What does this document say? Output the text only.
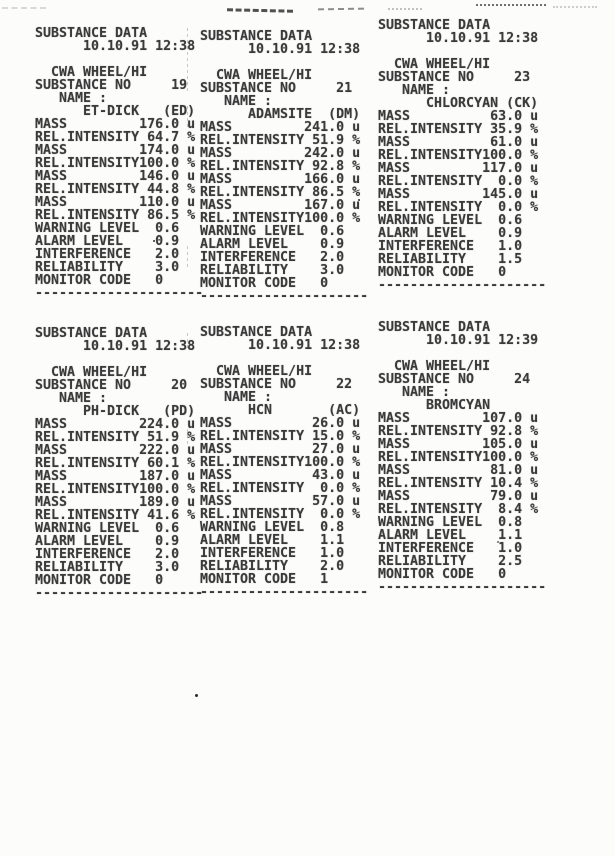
SUBSTANCE DATA
10.10.91 12:38

CWA WHEEL/HI
SUBSTANCE NO     19
NAME :
ET-DICK   (ED)
MASS         176.0 u
REL.INTENSITY 64.7 %
MASS         174.0 u
REL.INTENSITY100.0 %
MASS         146.0 u
REL.INTENSITY 44.8 %
MASS         110.0 u
REL.INTENSITY 86.5 %
WARNING LEVEL  0.6
ALARM LEVEL    0.9
INTERFERENCE   2.0
RELIABILITY    3.0
MONITOR CODE   0
---------------------
SUBSTANCE DATA
10.10.91 12:38

CWA WHEEL/HI
SUBSTANCE NO     21
NAME :
ADAMSITE  (DM)
MASS         241.0 u
REL.INTENSITY 51.9 %
MASS         242.0 u
REL.INTENSITY 92.8 %
MASS         166.0 u
REL.INTENSITY 86.5 %
MASS         167.0 u
REL.INTENSITY100.0 %
WARNING LEVEL  0.6
ALARM LEVEL    0.9
INTERFERENCE   2.0
RELIABILITY    3.0
MONITOR CODE   0
---------------------
SUBSTANCE DATA
10.10.91 12:38

CWA WHEEL/HI
SUBSTANCE NO     23
NAME :
CHLORCYAN (CK)
MASS          63.0 u
REL.INTENSITY 35.9 %
MASS          61.0 u
REL.INTENSITY100.0 %
MASS         117.0 u
REL.INTENSITY  0.0 %
MASS         145.0 u
REL.INTENSITY  0.0 %
WARNING LEVEL  0.6
ALARM LEVEL    0.9
INTERFERENCE   1.0
RELIABILITY    1.5
MONITOR CODE   0
---------------------
SUBSTANCE DATA
10.10.91 12:38

CWA WHEEL/HI
SUBSTANCE NO     20
NAME :
PH-DICK   (PD)
MASS         224.0 u
REL.INTENSITY 51.9 %
MASS         222.0 u
REL.INTENSITY 60.1 %
MASS         187.0 u
REL.INTENSITY100.0 %
MASS         189.0 u
REL.INTENSITY 41.6 %
WARNING LEVEL  0.6
ALARM LEVEL    0.9
INTERFERENCE   2.0
RELIABILITY    3.0
MONITOR CODE   0
---------------------
SUBSTANCE DATA
10.10.91 12:38

CWA WHEEL/HI
SUBSTANCE NO     22
NAME :
HCN       (AC)
MASS          26.0 u
REL.INTENSITY 15.0 %
MASS          27.0 u
REL.INTENSITY100.0 %
MASS          43.0 u
REL.INTENSITY  0.0 %
MASS          57.0 u
REL.INTENSITY  0.0 %
WARNING LEVEL  0.8
ALARM LEVEL    1.1
INTERFERENCE   1.0
RELIABILITY    2.0
MONITOR CODE   1
---------------------
SUBSTANCE DATA
10.10.91 12:39

CWA WHEEL/HI
SUBSTANCE NO     24
NAME :
BROMCYAN
MASS         107.0 u
REL.INTENSITY 92.8 %
MASS         105.0 u
REL.INTENSITY100.0 %
MASS          81.0 u
REL.INTENSITY 10.4 %
MASS          79.0 u
REL.INTENSITY  8.4 %
WARNING LEVEL  0.8
ALARM LEVEL    1.1
INTERFERENCE   1.0
RELIABILITY    2.5
MONITOR CODE   0
---------------------
